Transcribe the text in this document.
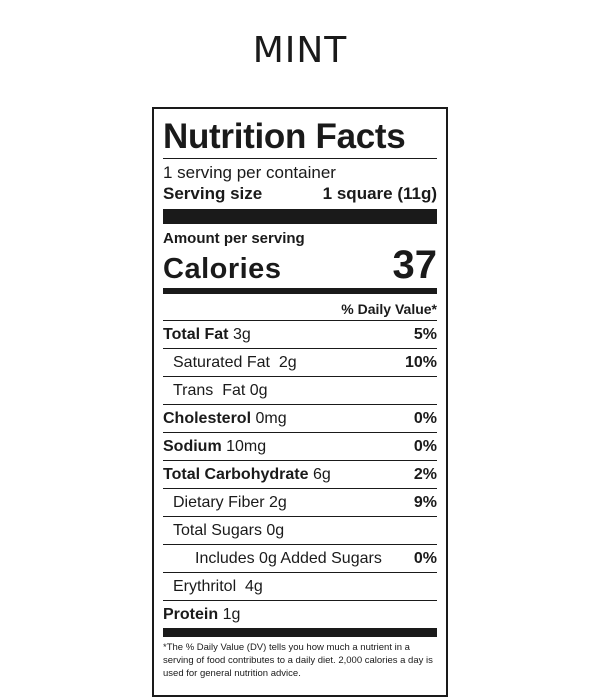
MINT
Nutrition Facts
1 serving per container
Serving size	1 square (11g)
Amount per serving
Calories	37
% Daily Value*
Total Fat 3g	5%
Saturated Fat 2g	10%
Trans Fat 0g
Cholesterol 0mg	0%
Sodium 10mg	0%
Total Carbohydrate 6g	2%
Dietary Fiber 2g	9%
Total Sugars 0g
Includes 0g Added Sugars 0%
Erythritol 4g
Protein 1g
*The % Daily Value (DV) tells you how much a nutrient in a serving of food contributes to a daily diet. 2,000 calories a day is used for general nutrition advice.
